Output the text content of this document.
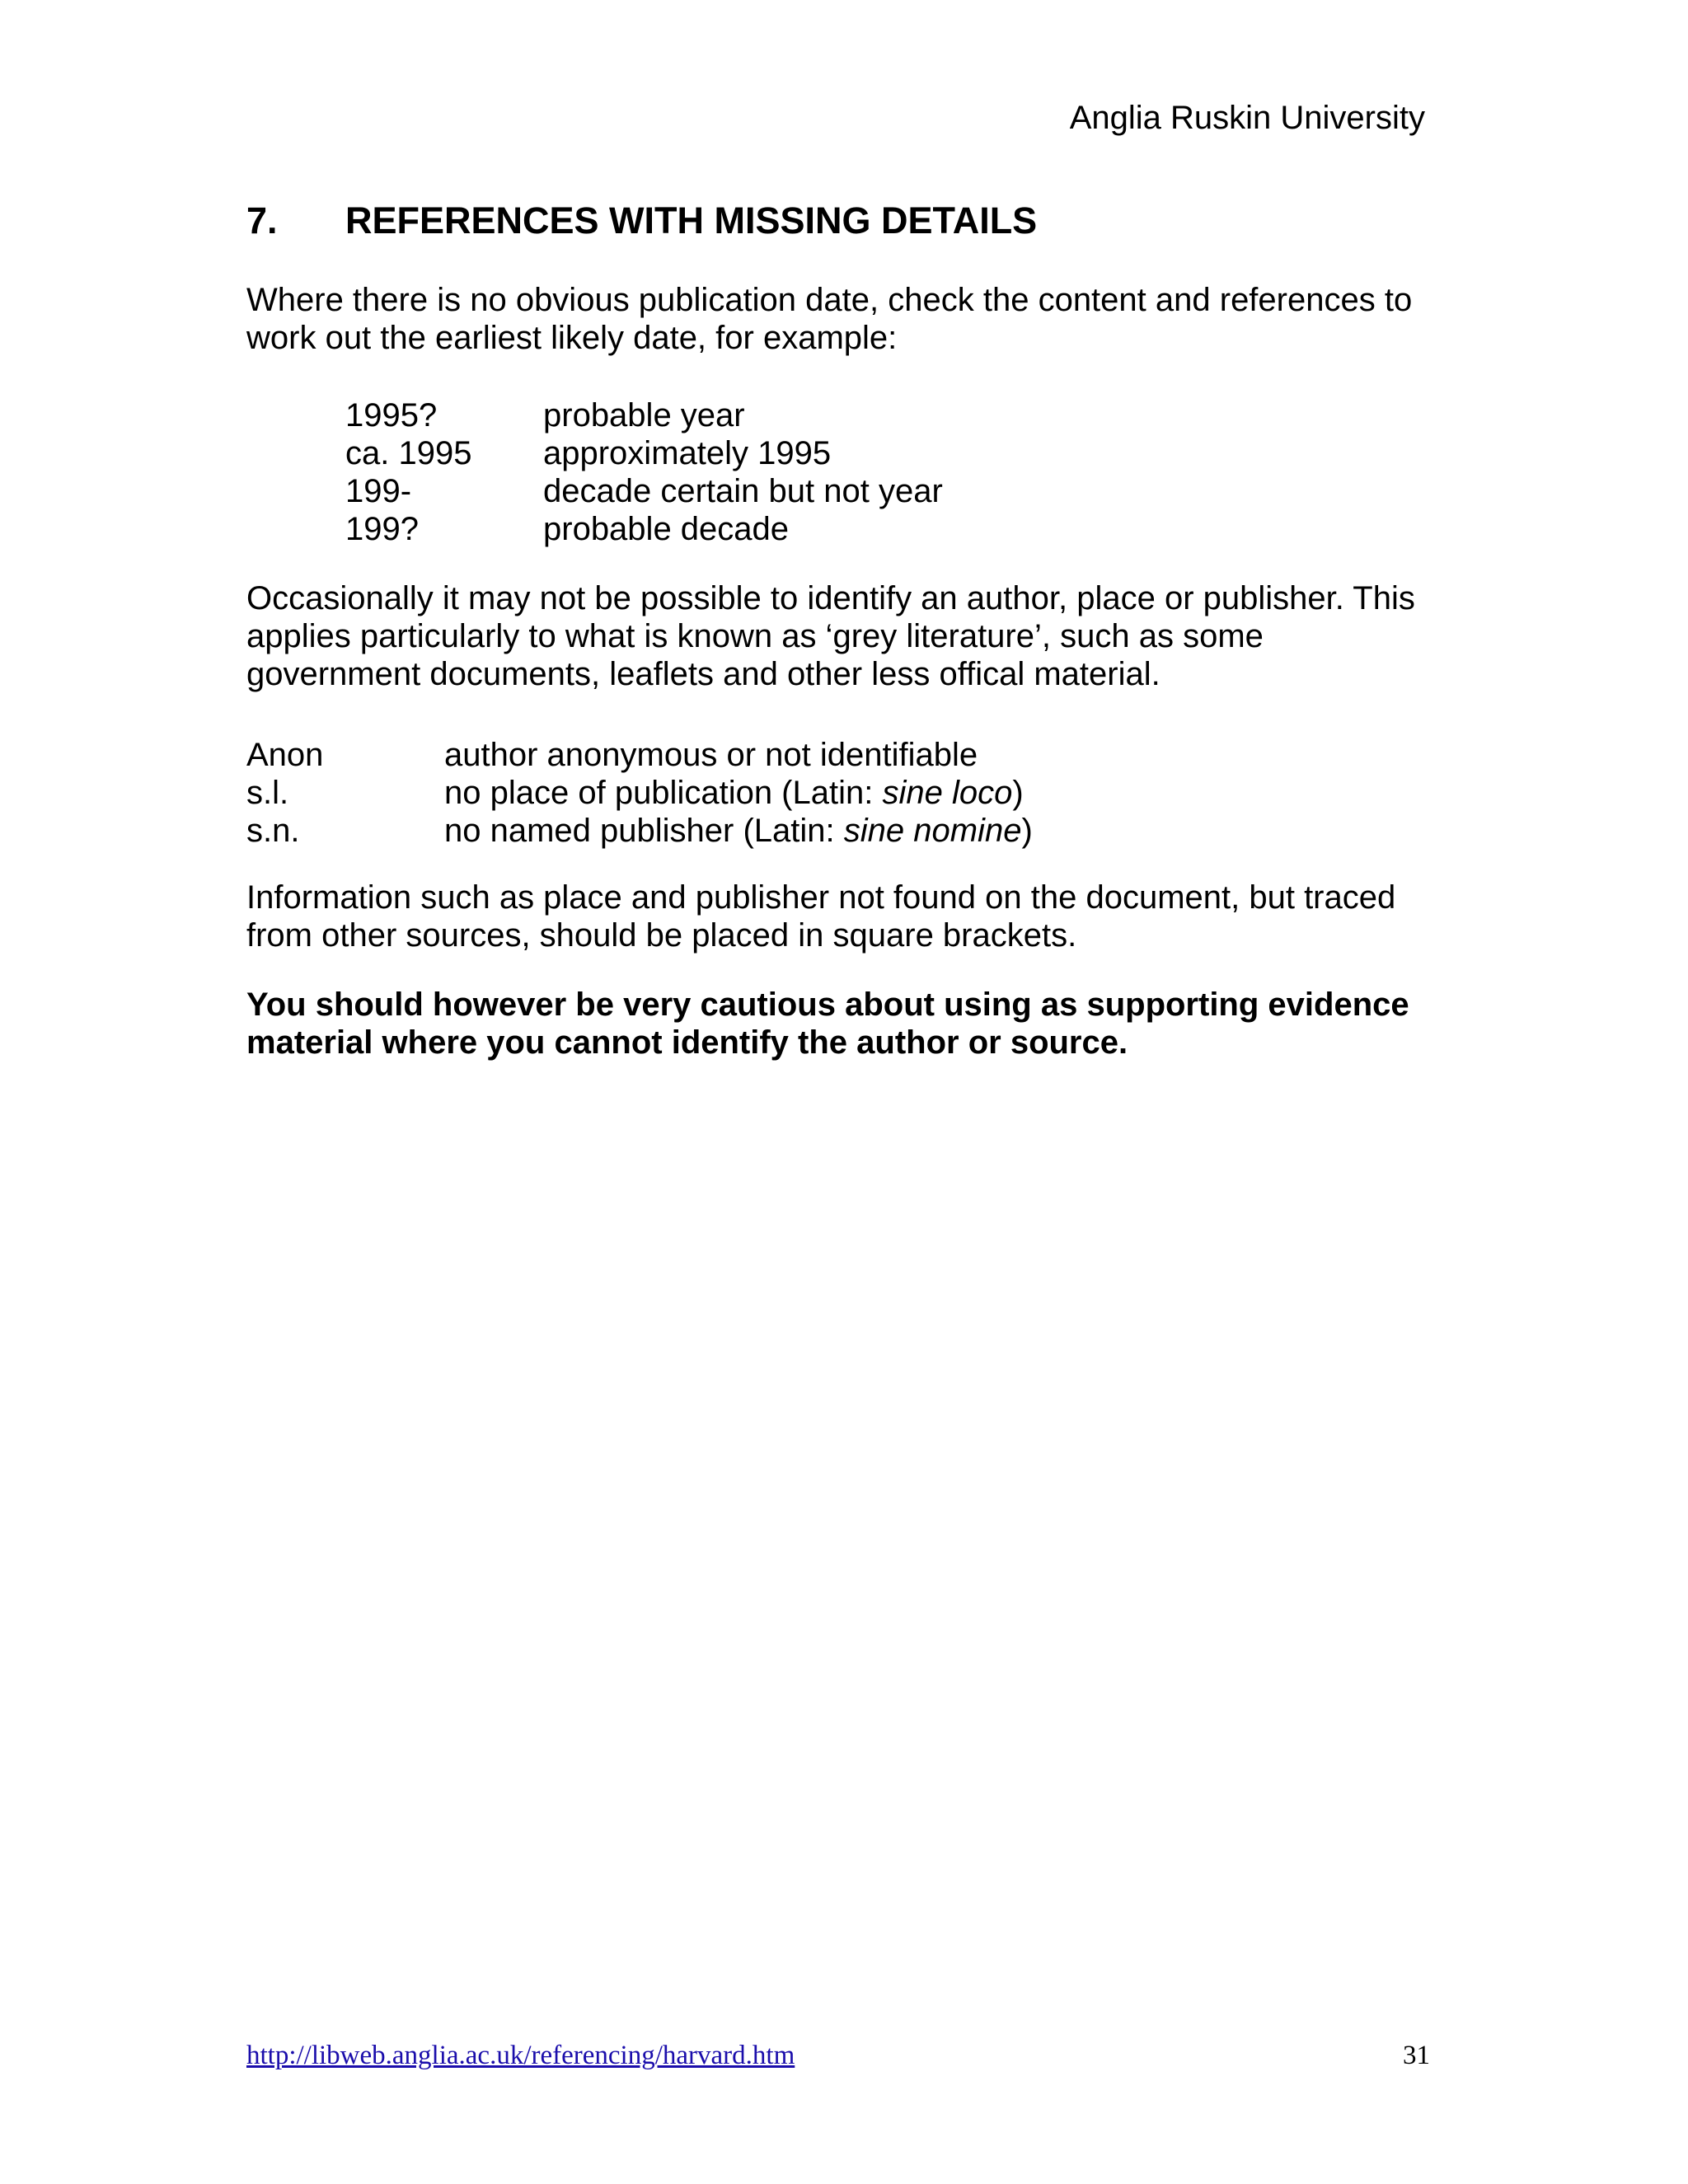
Anglia Ruskin University
7. REFERENCES WITH MISSING DETAILS

Where there is no obvious publication date, check the content and references to work out the earliest likely date, for example:

1995?	probable year
ca. 1995	approximately 1995
199-	decade certain but not year
199?	probable decade

Occasionally it may not be possible to identify an author, place or publisher. This applies particularly to what is known as ‘grey literature’, such as some government documents, leaflets and other less offical material.

Anon	author anonymous or not identifiable
s.l.	no place of publication (Latin: sine loco)
s.n.	no named publisher (Latin: sine nomine)

Information such as place and publisher not found on the document, but traced from other sources, should be placed in square brackets.

You should however be very cautious about using as supporting evidence material where you cannot identify the author or source.

http://libweb.anglia.ac.uk/referencing/harvard.htm	31
